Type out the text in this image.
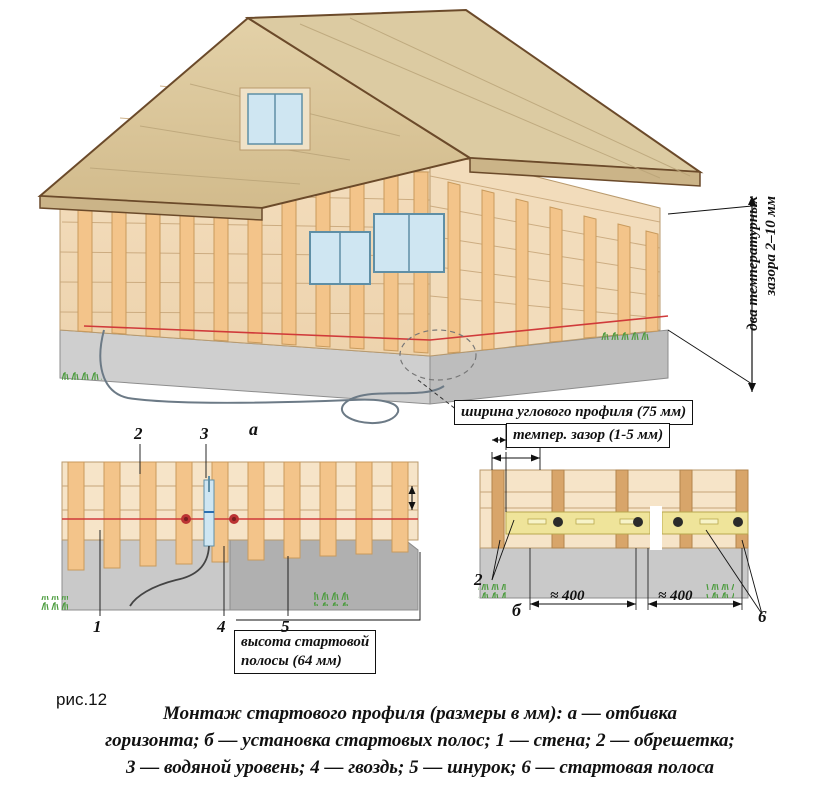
ширина углового профиля (75 мм)
темпер. зазор (1-5 мм)
высота стартовой
полосы (64 мм)
два температурных зазора 2–10 мм
а
б
2	3
1	4	5
2
6
≈ 400	≈ 400
рис.12
Монтаж стартового профиля (размеры в мм): а — отбивка
горизонта; б — установка стартовых полос; 1 — стена; 2 — обрешетка;
3 — водяной уровень; 4 — гвоздь; 5 — шнурок; 6 — стартовая полоса
